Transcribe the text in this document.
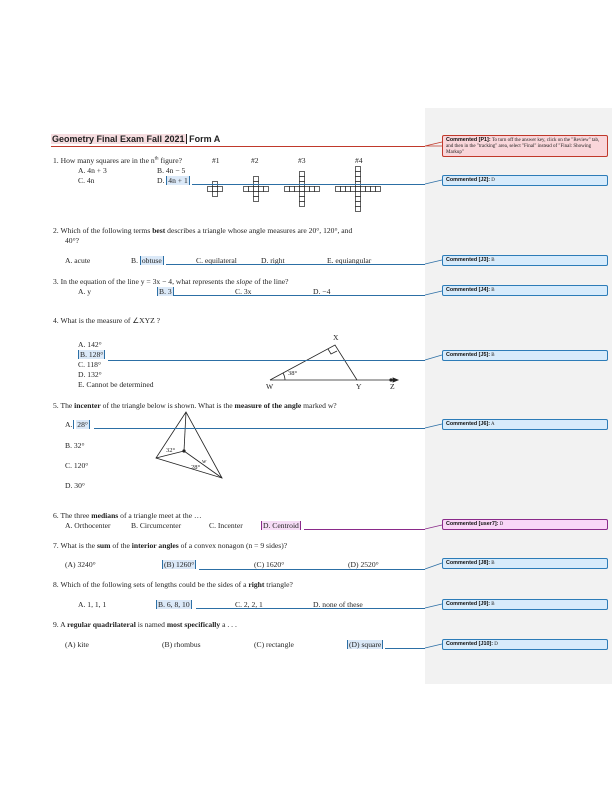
Geometry Final Exam Fall 2021 Form A
1. How many squares are in the $n^{th}$ figure?	#1	#2	#3	#4
A. 4n + 3	B. 4n − 5
C. 4n	D. 4n + 1
2. Which of the following terms best describes a triangle whose angle measures are 20°, 120°, and
40°?
A. acute	B. obtuse	C. equilateral	D. right	E. equiangular
3. In the equation of the line y = 3x − 4, what represents the slope of the line?
A. y	B. 3	C. 3x	D. −4
4. What is the measure of ∠XYZ ?
A. 142°
B. 128°
C. 118°
D. 132°
E. Cannot be determined
X
W	Y	Z
38°
5. The incenter of the triangle below is shown. What is the measure of the angle marked w?
A. 28°
B. 32°
C. 120°
D. 30°
32°
28°
w
6. The three medians of a triangle meet at the …
A. Orthocenter	B. Circumcenter	C. Incenter	D. Centroid
7. What is the sum of the interior angles of a convex nonagon (n = 9 sides)?
(A) 3240°	(B) 1260°	(C) 1620°	(D) 2520°
8. Which of the following sets of lengths could be the sides of a right triangle?
A. 1, 1, 1	B. 6, 8, 10	C. 2, 2, 1	D. none of these
9. A regular quadrilateral is named most specifically a . . .
(A) kite	(B) rhombus	(C) rectangle	(D) square
Commented [P1]: To turn off the answer key, click on the "Review" tab, and then in the "tracking" area, select "Final" instead of "Final: Showing Markup"
Commented [J2]: D
Commented [J3]: B
Commented [J4]: B
Commented [J5]: B
Commented [J6]: A
Commented [user7]: D
Commented [J8]: B
Commented [J9]: B
Commented [J10]: D
